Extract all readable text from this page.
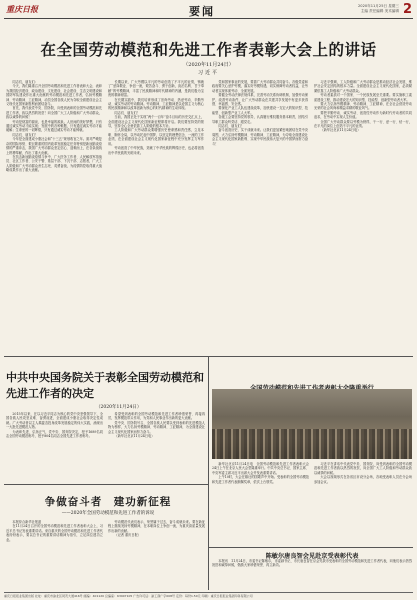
重庆日报	要闻	2020年11月25日 星期三
主编 责任编辑 美术编辑 2
在全国劳动模范和先进工作者表彰大会上的讲话
（2020年11月24日）
习近平

同志们，朋友们：

今天，我们隆重召开全国劳动模范和先进工作者表彰大会，表彰为我国经济建设、政治建设、文化建设、社会建设、生态文明建设和国防军队建设作出重大贡献的劳动模范和先进工作者，弘扬劳模精神、劳动精神、工匠精神，动员全国各族人民为夺取全面建设社会主义现代化国家新胜利而团结奋斗。

首先，我代表党中央、国务院，向受到表彰的全国劳动模范和先进工作者，致以热烈的祝贺！向全国广大工人阶级和广大劳动群众，致以诚挚的问候！

劳动是财富的源泉，也是幸福的源泉。人世间的美好梦想，只有通过诚实劳动才能实现；发展中的各种难题，只有通过诚实劳动才能破解；生命里的一切辉煌，只有通过诚实劳动才能铸就。

同志们、朋友们！

今年是全面建成小康社会和“十三五”规划收官之年。面对严峻复杂的国际形势、艰巨繁重的国内改革发展稳定任务特别是新冠肺炎疫情的严重冲击，我国广大劳动群众坚定信心、迎难而上，在各条战线上拼搏奉献，作出了重大贡献。

在抗击新冠肺炎疫情斗争中，广大医务工作者、人民解放军指战员、社区工作者、公安干警、基层干部、下沉干部、志愿者，广大工人阶级和广大劳动群众舍生忘死、英勇奋战，为疫情防控取得重大战略成果作出了重大贡献。

长期以来，广大劳模以平凡的劳动创造了不平凡的业绩，铸就了“爱岗敬业、争创一流，艰苦奋斗、勇于创新，淡泊名利、甘于奉献”的劳模精神，丰富了民族精神和时代精神的内涵，是我们极为宝贵的精神财富。

在长期实践中，我们培育形成了崇尚劳动、热爱劳动、辛勤劳动、诚实劳动的劳动精神。劳动精神、工匠精神是以爱国主义为核心的民族精神和以改革创新为核心的时代精神的生动体现。

同志们、朋友们！

当前，我国正处于实现“两个一百年”奋斗目标的历史交汇点上，全面建设社会主义现代化国家新征程即将开启。我们要坚持党的领导，坚持全心全意依靠工人阶级的根本方针。

工人阶级和广大劳动群众要增强历史使命感和责任感，立足本职、胸怀全局，以劳动托起中国梦，以坚定的理想信念、一流的工作业绩，在全面建设社会主义现代化国家新征程中充分发挥主力军作用。

劳动创造了中华民族，造就了中华民族的辉煌历史，也必将创造出中华民族的光明未来。

党和国家事业的发展，要靠广大劳动群众共同奋斗。各级党委和政府要关心爱护劳模，落实好劳模待遇，切实保障劳动者权益，让劳动者实现体面劳动、全面发展。

要健全劳动法律法规体系，完善劳动关系协调机制，加强劳动保护，改善劳动条件，让广大劳动群众在共建共享发展中有更多获得感、幸福感、安全感。

要深化产业工人队伍建设改革，加快建设一支宏大的知识型、技能型、创新型产业工人大军。

各级工会要坚持党的领导，认真履行维权服务基本职责，团结引导职工群众听党话、跟党走。

同志们、朋友们！

奋斗创造历史，实干成就未来。让我们更加紧密地团结在党中央周围，大力弘扬劳模精神、劳动精神、工匠精神，为夺取全面建设社会主义现代化国家新胜利、实现中华民族伟大复兴的中国梦而努力奋斗！

习近平强调，工人阶级和广大劳动群众是推动经济社会发展、维护社会安定团结的根本力量。全面建设社会主义现代化国家，必须紧紧依靠工人阶级和广大劳动群众。

劳动者素质对一个国家、一个民族发展至关重要。要实施职工素质建设工程，推动建设宏大的知识型、技能型、创新型劳动者大军。

要大力弘扬劳模精神、劳动精神、工匠精神，在全社会营造劳动光荣的社会风尚和精益求精的敬业风气。

要把辛勤劳动、诚实劳动、创造性劳动作为新时代劳动者的共同追求，在劳动中实现人生价值。

全国广大劳动群众要以劳模为榜样，干一行、爱一行、钻一行，在平凡的岗位上创造不平凡的业绩。

（新华社北京11月24日电）

中共中央国务院关于表彰全国劳动模范和先进工作者的决定
（2020年11月24日）

2015年以来，在以习近平同志为核心的党中央坚强领导下，全国各族人民攻坚克难、奋勇前进，全面建成小康社会取得决定性成就。广大劳动者以主人翁姿态投身改革发展稳定的伟大实践，涌现出一大批先进模范人物。

为表彰先进、弘扬正气，党中央、国务院决定，授予1689名同志全国劳动模范称号，授予804名同志全国先进工作者称号。

希望受到表彰的全国劳动模范和先进工作者珍惜荣誉、再接再厉，发挥模范带头作用，为党和人民事业作出新的更大贡献。

党中央、国务院号召，全国各族人民要以受到表彰的先进模范人物为榜样，大力弘扬劳模精神、劳动精神、工匠精神，为全面建设社会主义现代化国家而努力奋斗。

（新华社北京11月24日电）

争做奋斗者　建功新征程
——2020年全国劳动模范和先进工作者的诉说

本报综合新华社报道

在11月24日召开的全国劳动模范和先进工作者表彰大会上，习近平总书记发表重要讲话。来自重庆的全国劳动模范和先进工作者代表纷纷表示，要以总书记的重要讲话精神为指引，立足岗位建功立业。

劳动模范代表们表示，荣誉属于过去，奋斗成就未来。要在新征程上继续发扬劳模精神，在本职岗位上争创一流，为重庆高质量发展作出新的贡献。

（记者 重庆日报）

新华社北京11月24日电　全国劳动模范和先进工作者表彰大会24日上午在北京人民大会堂隆重举行。中共中央总书记、国家主席、中央军委主席习近平出席大会并发表重要讲话。

上午10时，大会在雄壮的国歌声中开始。受表彰的全国劳动模范和先进工作者代表胸佩奖章，依次上台领奖。

习近平在讲话中代表党中央、国务院，向受到表彰的全国劳动模范和先进工作者致以热烈的祝贺，向全国广大工人阶级和劳动群众致以诚挚的问候。

大会以视频形式在各省区市设分会场，各地受表彰人员在分会场参加会议。

陈敏尔唐良智会见赴京受表彰代表

本报讯　11月24日，市委书记陈敏尔，市委副书记、市长唐良智在京会见我市受表彰的全国劳动模范和先进工作者代表，向他们表示热烈祝贺和诚挚问候，勉励大家珍惜荣誉、再立新功。

重庆日报报业集团出版 社址：重庆市渝北区同茂大道416号 邮编：401120 总编室：63907105 广告许可证：渝工商广字008号 定价：每份1.50元 印刷：重庆日报报业集团印务有限公司
